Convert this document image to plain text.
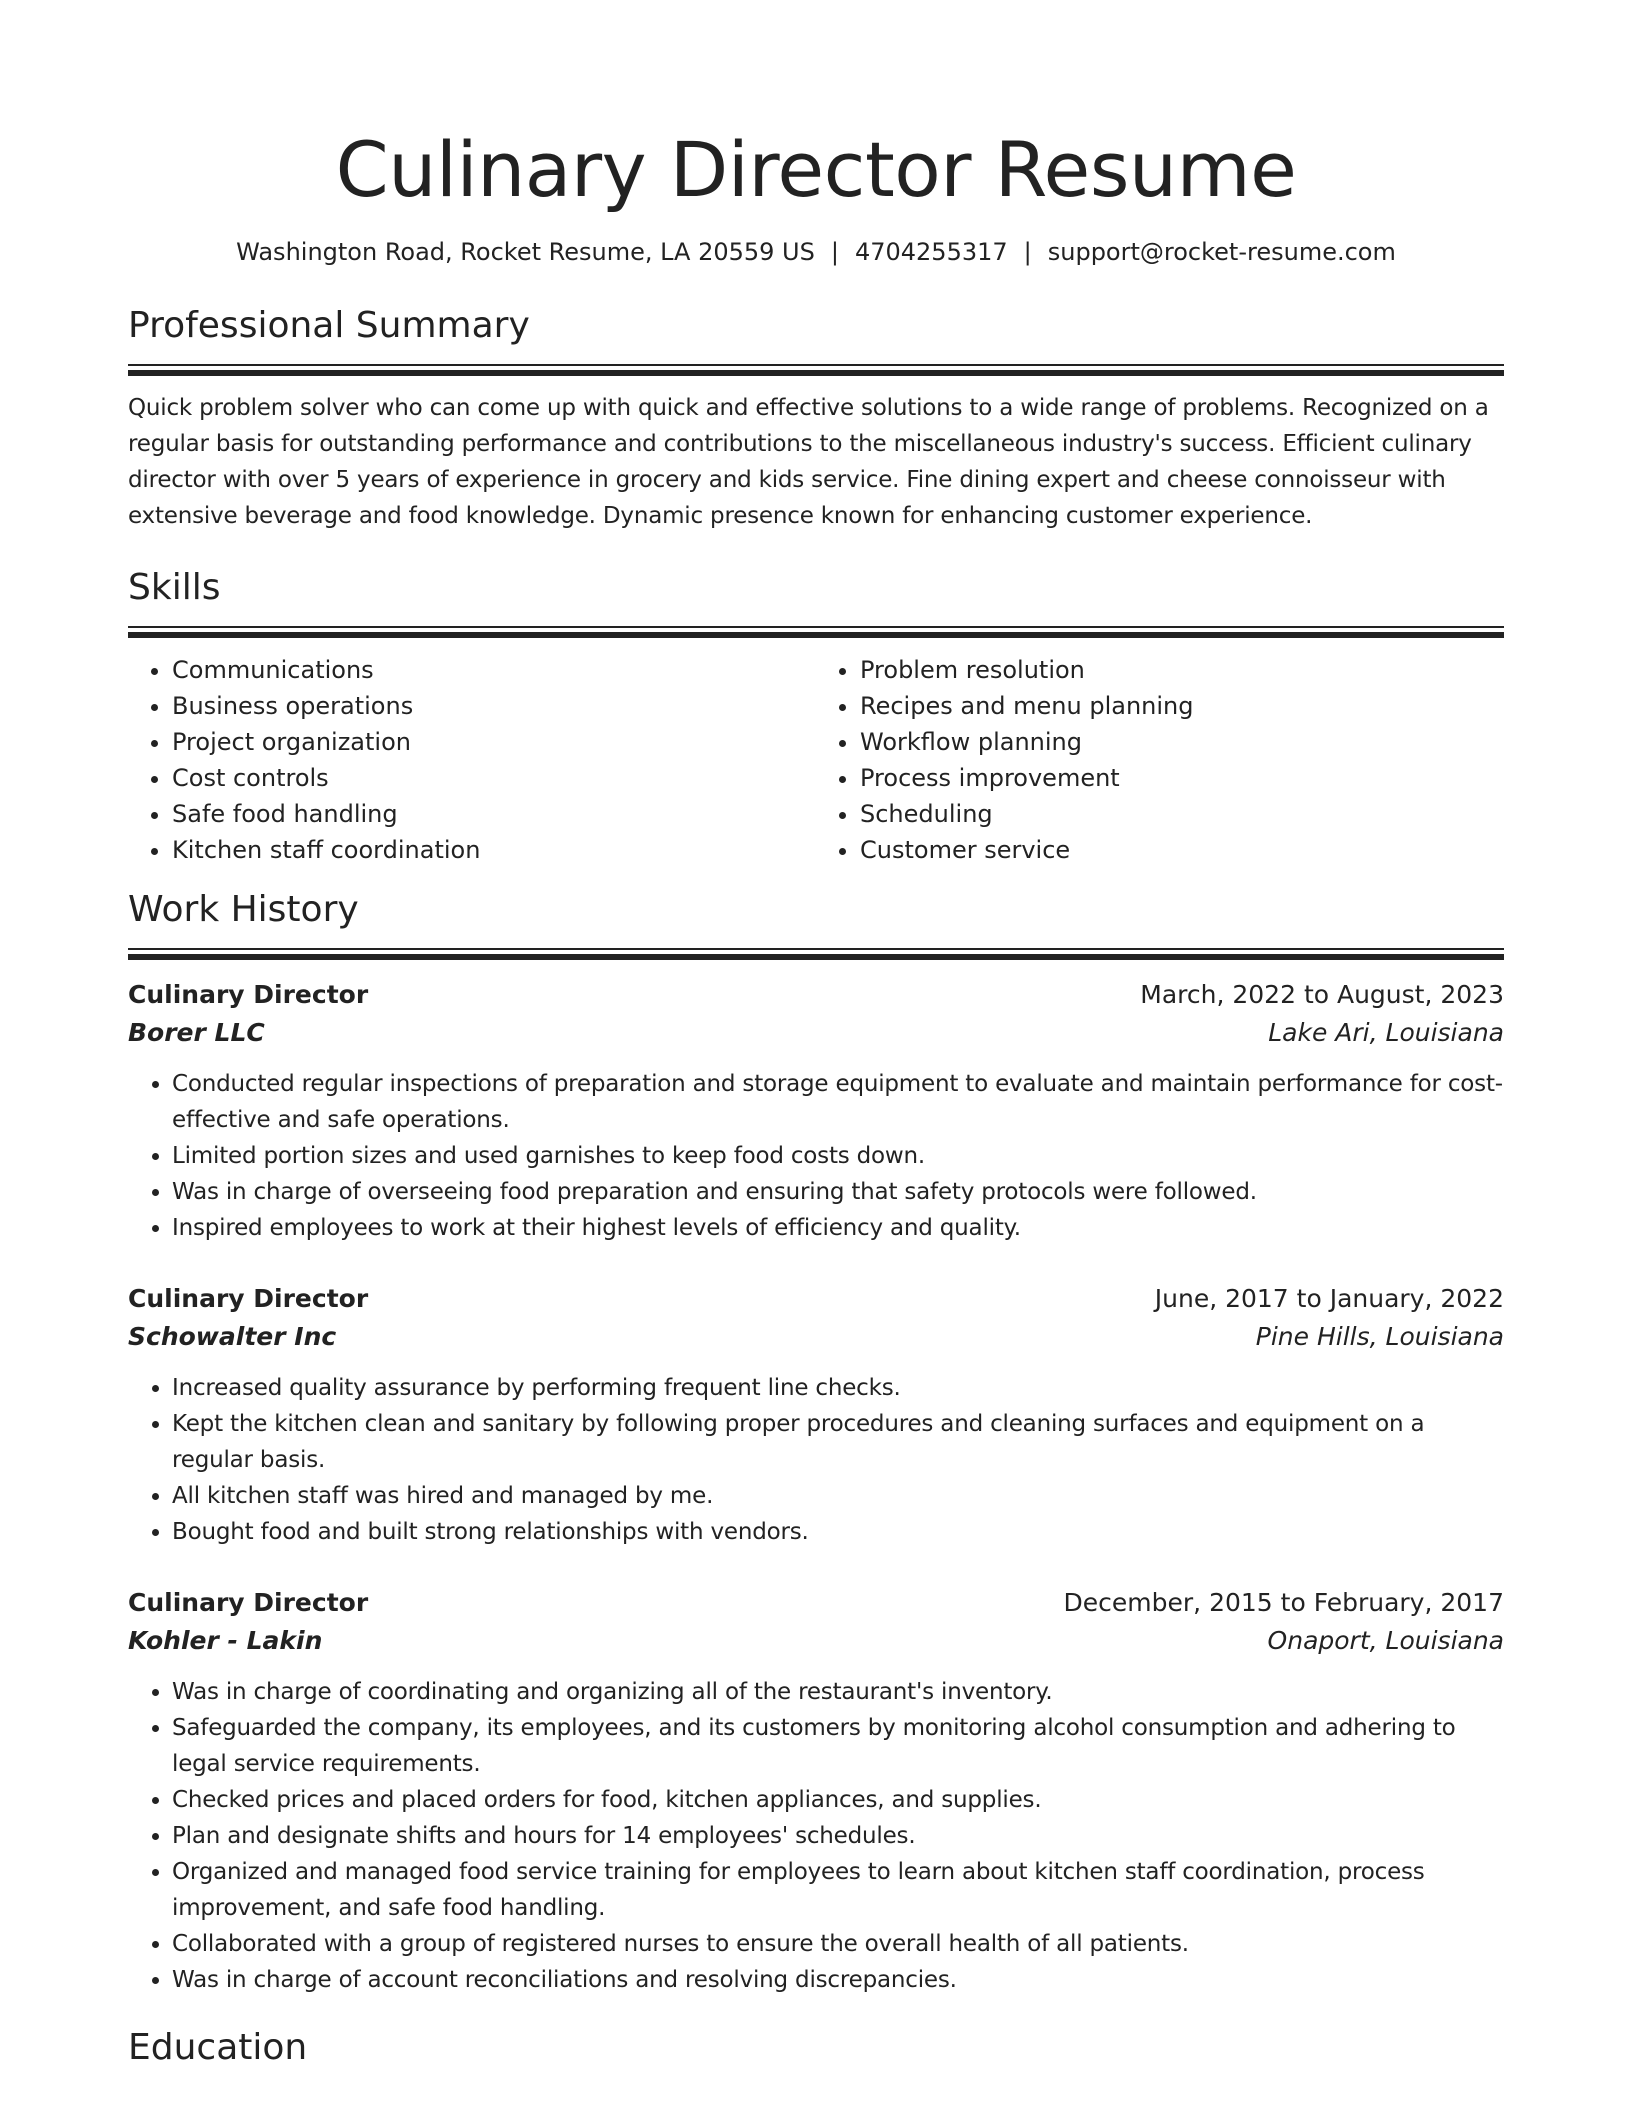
Culinary Director Resume
Washington Road, Rocket Resume, LA 20559 US | 4704255317 | support@rocket-resume.com
Professional Summary

Quick problem solver who can come up with quick and effective solutions to a wide range of problems. Recognized on a regular basis for outstanding performance and contributions to the miscellaneous industry's success. Efficient culinary director with over 5 years of experience in grocery and kids service. Fine dining expert and cheese connoisseur with extensive beverage and food knowledge. Dynamic presence known for enhancing customer experience.

Skills
• Communications
• Business operations
• Project organization
• Cost controls
• Safe food handling
• Kitchen staff coordination
• Problem resolution
• Recipes and menu planning
• Workflow planning
• Process improvement
• Scheduling
• Customer service
Work History
Culinary Director	March, 2022 to August, 2023
Borer LLC	Lake Ari, Louisiana
• Conducted regular inspections of preparation and storage equipment to evaluate and maintain performance for cost-effective and safe operations.
• Limited portion sizes and used garnishes to keep food costs down.
• Was in charge of overseeing food preparation and ensuring that safety protocols were followed.
• Inspired employees to work at their highest levels of efficiency and quality.
Culinary Director	June, 2017 to January, 2022
Schowalter Inc	Pine Hills, Louisiana
• Increased quality assurance by performing frequent line checks.
• Kept the kitchen clean and sanitary by following proper procedures and cleaning surfaces and equipment on a regular basis.
• All kitchen staff was hired and managed by me.
• Bought food and built strong relationships with vendors.
Culinary Director	December, 2015 to February, 2017
Kohler - Lakin	Onaport, Louisiana
• Was in charge of coordinating and organizing all of the restaurant's inventory.
• Safeguarded the company, its employees, and its customers by monitoring alcohol consumption and adhering to legal service requirements.
• Checked prices and placed orders for food, kitchen appliances, and supplies.
• Plan and designate shifts and hours for 14 employees' schedules.
• Organized and managed food service training for employees to learn about kitchen staff coordination, process improvement, and safe food handling.
• Collaborated with a group of registered nurses to ensure the overall health of all patients.
• Was in charge of account reconciliations and resolving discrepancies.
Education
